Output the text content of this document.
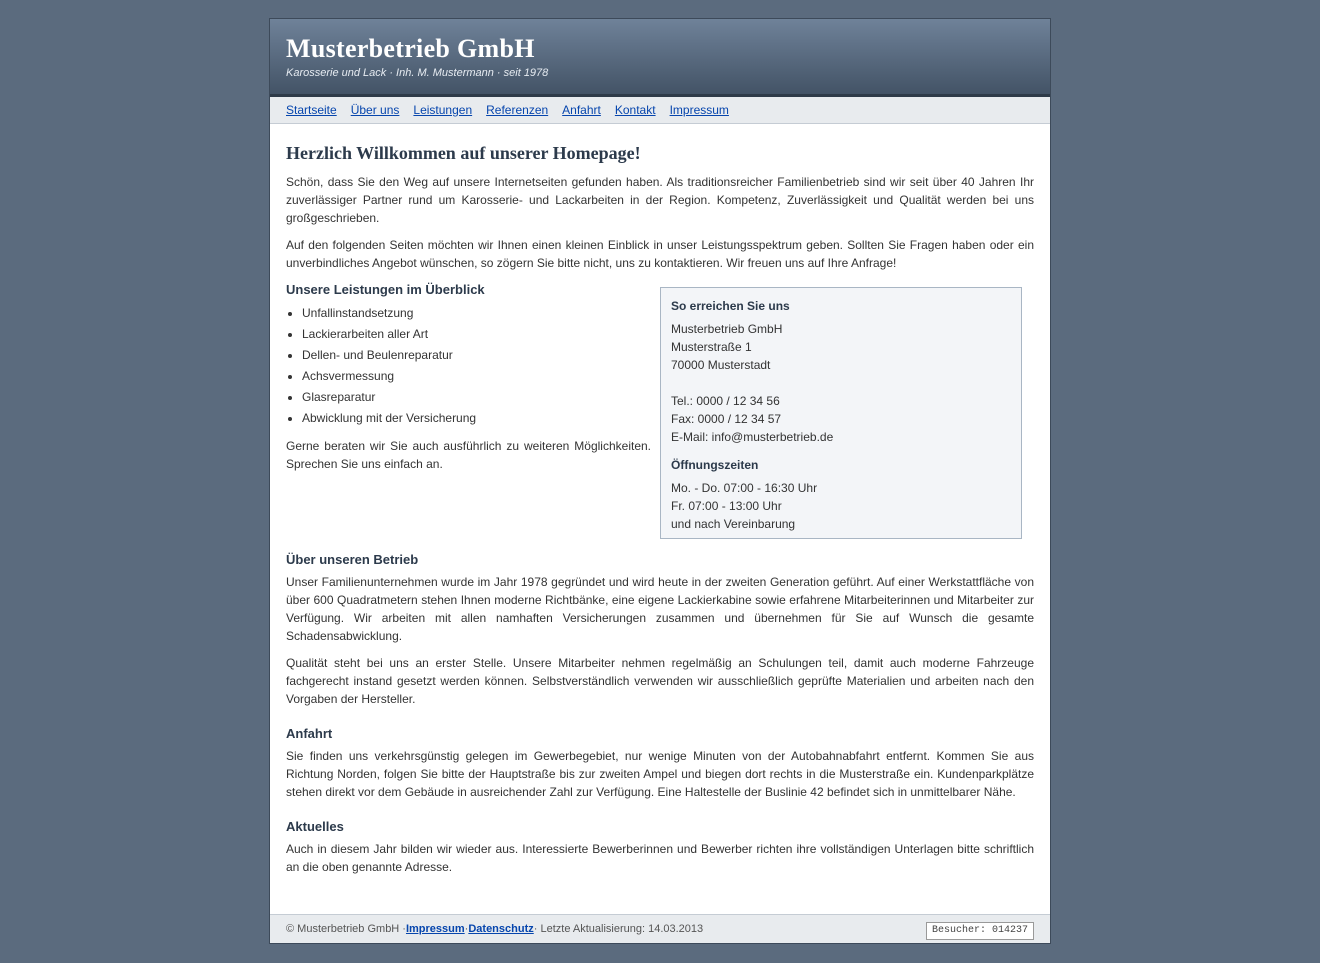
Musterbetrieb GmbH

Karosserie und Lack · Inh. M. Mustermann · seit 1978

Startseite Über uns Leistungen Referenzen Anfahrt Kontakt Impressum
Herzlich Willkommen auf unserer Homepage!

Schön, dass Sie den Weg auf unsere Internetseiten gefunden haben. Als traditionsreicher Familienbetrieb sind wir seit über 40 Jahren Ihr zuverlässiger Partner rund um Karosserie- und Lackarbeiten in der Region. Kompetenz, Zuverlässigkeit und Qualität werden bei uns großgeschrieben.

Auf den folgenden Seiten möchten wir Ihnen einen kleinen Einblick in unser Leistungsspektrum geben. Sollten Sie Fragen haben oder ein unverbindliches Angebot wünschen, so zögern Sie bitte nicht, uns zu kontaktieren. Wir freuen uns auf Ihre Anfrage!

Unsere Leistungen im Überblick
• Unfallinstandsetzung
• Lackierarbeiten aller Art
• Dellen- und Beulenreparatur
• Achsvermessung
• Glasreparatur
• Abwicklung mit der Versicherung

Gerne beraten wir Sie auch ausführlich zu weiteren Möglichkeiten. Sprechen Sie uns einfach an.

So erreichen Sie uns
Musterbetrieb GmbH
Musterstraße 1
70000 Musterstadt
Tel.: 0000 / 12 34 56
Fax: 0000 / 12 34 57
E-Mail: info@musterbetrieb.de
Öffnungszeiten
Mo. - Do. 07:00 - 16:30 Uhr
Fr. 07:00 - 13:00 Uhr
und nach Vereinbarung
Über unseren Betrieb

Unser Familienunternehmen wurde im Jahr 1978 gegründet und wird heute in der zweiten Generation geführt. Auf einer Werkstattfläche von über 600 Quadratmetern stehen Ihnen moderne Richtbänke, eine eigene Lackierkabine sowie erfahrene Mitarbeiterinnen und Mitarbeiter zur Verfügung. Wir arbeiten mit allen namhaften Versicherungen zusammen und übernehmen für Sie auf Wunsch die gesamte Schadensabwicklung.

Qualität steht bei uns an erster Stelle. Unsere Mitarbeiter nehmen regelmäßig an Schulungen teil, damit auch moderne Fahrzeuge fachgerecht instand gesetzt werden können. Selbstverständlich verwenden wir ausschließlich geprüfte Materialien und arbeiten nach den Vorgaben der Hersteller.

Anfahrt

Sie finden uns verkehrsgünstig gelegen im Gewerbegebiet, nur wenige Minuten von der Autobahnabfahrt entfernt. Kommen Sie aus Richtung Norden, folgen Sie bitte der Hauptstraße bis zur zweiten Ampel und biegen dort rechts in die Musterstraße ein. Kundenparkplätze stehen direkt vor dem Gebäude in ausreichender Zahl zur Verfügung. Eine Haltestelle der Buslinie 42 befindet sich in unmittelbarer Nähe.

Aktuelles

Auch in diesem Jahr bilden wir wieder aus. Interessierte Bewerberinnen und Bewerber richten ihre vollständigen Unterlagen bitte schriftlich an die oben genannte Adresse.

© Musterbetrieb GmbH · Impressum · Datenschutz · Letzte Aktualisierung: 14.03.2013	Besucher: 014237
